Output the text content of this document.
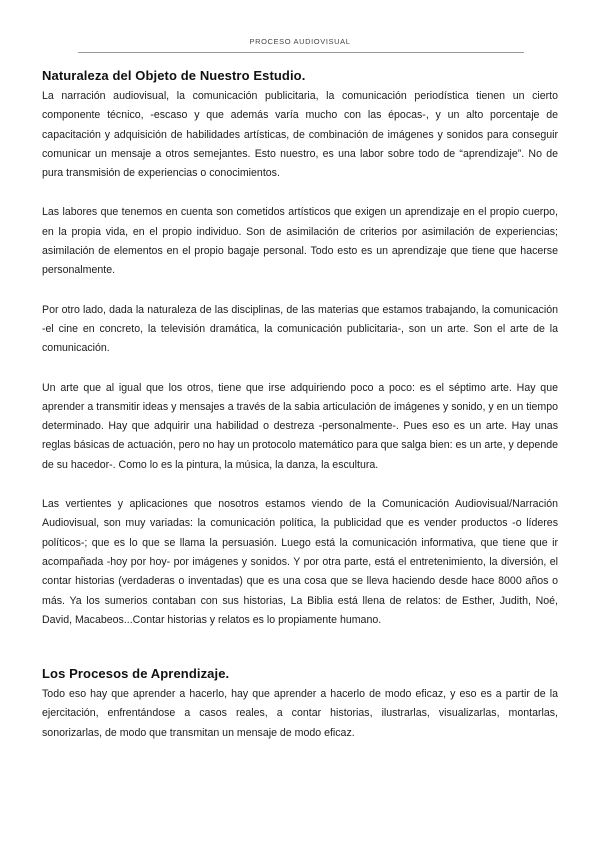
PROCESO AUDIOVISUAL
Naturaleza del Objeto de Nuestro Estudio.

La narración audiovisual, la comunicación publicitaria, la comunicación periodística tienen un cierto componente técnico, -escaso y que además varía mucho con las épocas-, y un alto porcentaje de capacitación y adquisición de habilidades artísticas, de combinación de imágenes y sonidos para conseguir comunicar un mensaje a otros semejantes. Esto nuestro, es una labor sobre todo de “aprendizaje”. No de pura transmisión de experiencias o conocimientos.

Las labores que tenemos en cuenta son cometidos artísticos que exigen un aprendizaje en el propio cuerpo, en la propia vida, en el propio individuo. Son de asimilación de criterios por asimilación de experiencias; asimilación de elementos en el propio bagaje personal. Todo esto es un aprendizaje que tiene que hacerse personalmente.

Por otro lado, dada la naturaleza de las disciplinas, de las materias que estamos trabajando, la comunicación -el cine en concreto, la televisión dramática, la comunicación publicitaria-, son un arte. Son el arte de la comunicación.

Un arte que al igual que los otros, tiene que irse adquiriendo poco a poco: es el séptimo arte. Hay que aprender a transmitir ideas y mensajes a través de la sabia articulación de imágenes y sonido, y en un tiempo determinado. Hay que adquirir una habilidad o destreza -personalmente-. Pues eso es un arte. Hay unas reglas básicas de actuación, pero no hay un protocolo matemático para que salga bien: es un arte, y depende de su hacedor-. Como lo es la pintura, la música, la danza, la escultura.

Las vertientes y aplicaciones que nosotros estamos viendo de la Comunicación Audiovisual/Narración Audiovisual, son muy variadas: la comunicación política, la publicidad que es vender productos -o líderes políticos-; que es lo que se llama la persuasión. Luego está la comunicación informativa, que tiene que ir acompañada -hoy por hoy- por imágenes y sonidos. Y por otra parte, está el entretenimiento, la diversión, el contar historias (verdaderas o inventadas) que es una cosa que se lleva haciendo desde hace 8000 años o más. Ya los sumerios contaban con sus historias, La Biblia está llena de relatos: de Esther, Judith, Noé, David, Macabeos...Contar historias y relatos es lo propiamente humano.

Los Procesos de Aprendizaje.

Todo eso hay que aprender a hacerlo, hay que aprender a hacerlo de modo eficaz, y eso es a partir de la ejercitación, enfrentándose a casos reales, a contar historias, ilustrarlas, visualizarlas, montarlas, sonorizarlas, de modo que transmitan un mensaje de modo eficaz.
